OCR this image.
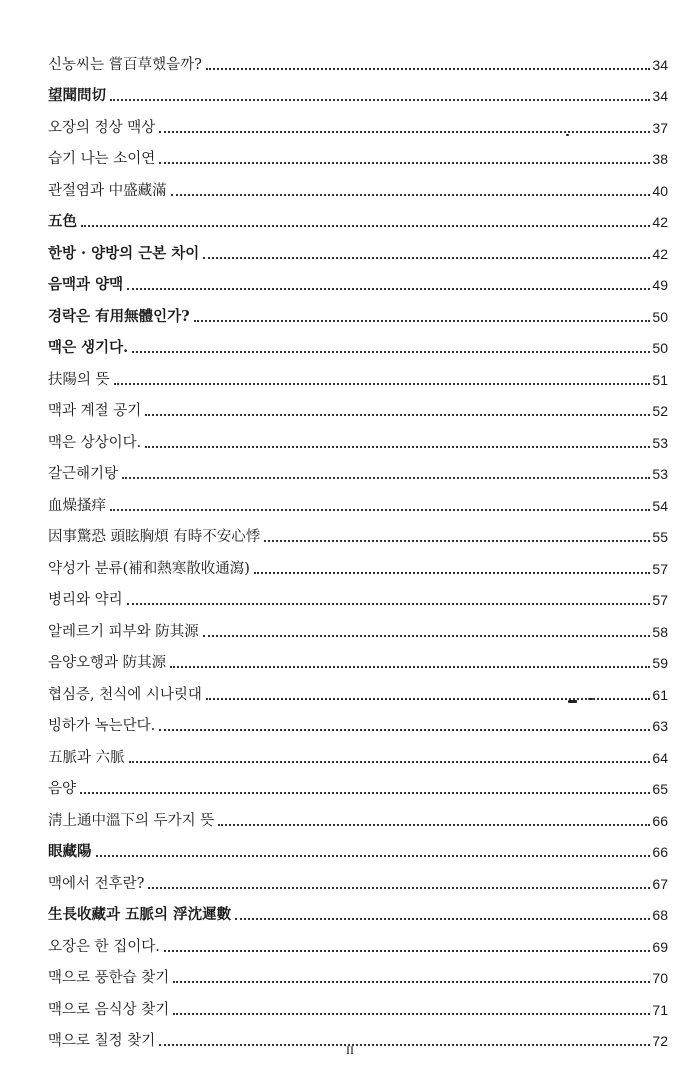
신농씨는 嘗百草했을까?	34
望聞問切	34
오장의 정상 맥상	37
습기 나는 소이연	38
관절염과 中盛藏滿	40
五色	42
한방 · 양방의 근본 차이	42
음맥과 양맥	49
경락은 有用無體인가?	50
맥은 생기다.	50
扶陽의 뜻	51
맥과 계절 공기	52
맥은 상상이다.	53
갈근해기탕	53
血燥搔痒	54
因事驚恐 頭眩胸煩 有時不安心悸	55
약성가 분류(補和熱寒散收通瀉)	57
병리와 약리	57
알레르기 피부와 防其源	58
음양오행과 防其源	59
협심증, 천식에 시나릿대	61
빙하가 녹는단다.	63
五脈과 六脈	64
음양	65
淸上通中溫下의 두가지 뜻	66
眼藏陽	66
맥에서 전후란?	67
生長收藏과 五脈의 浮沈遲數	68
오장은 한 집이다.	69
맥으로 풍한습 찾기	70
맥으로 음식상 찾기	71
맥으로 칠정 찾기	72
II
